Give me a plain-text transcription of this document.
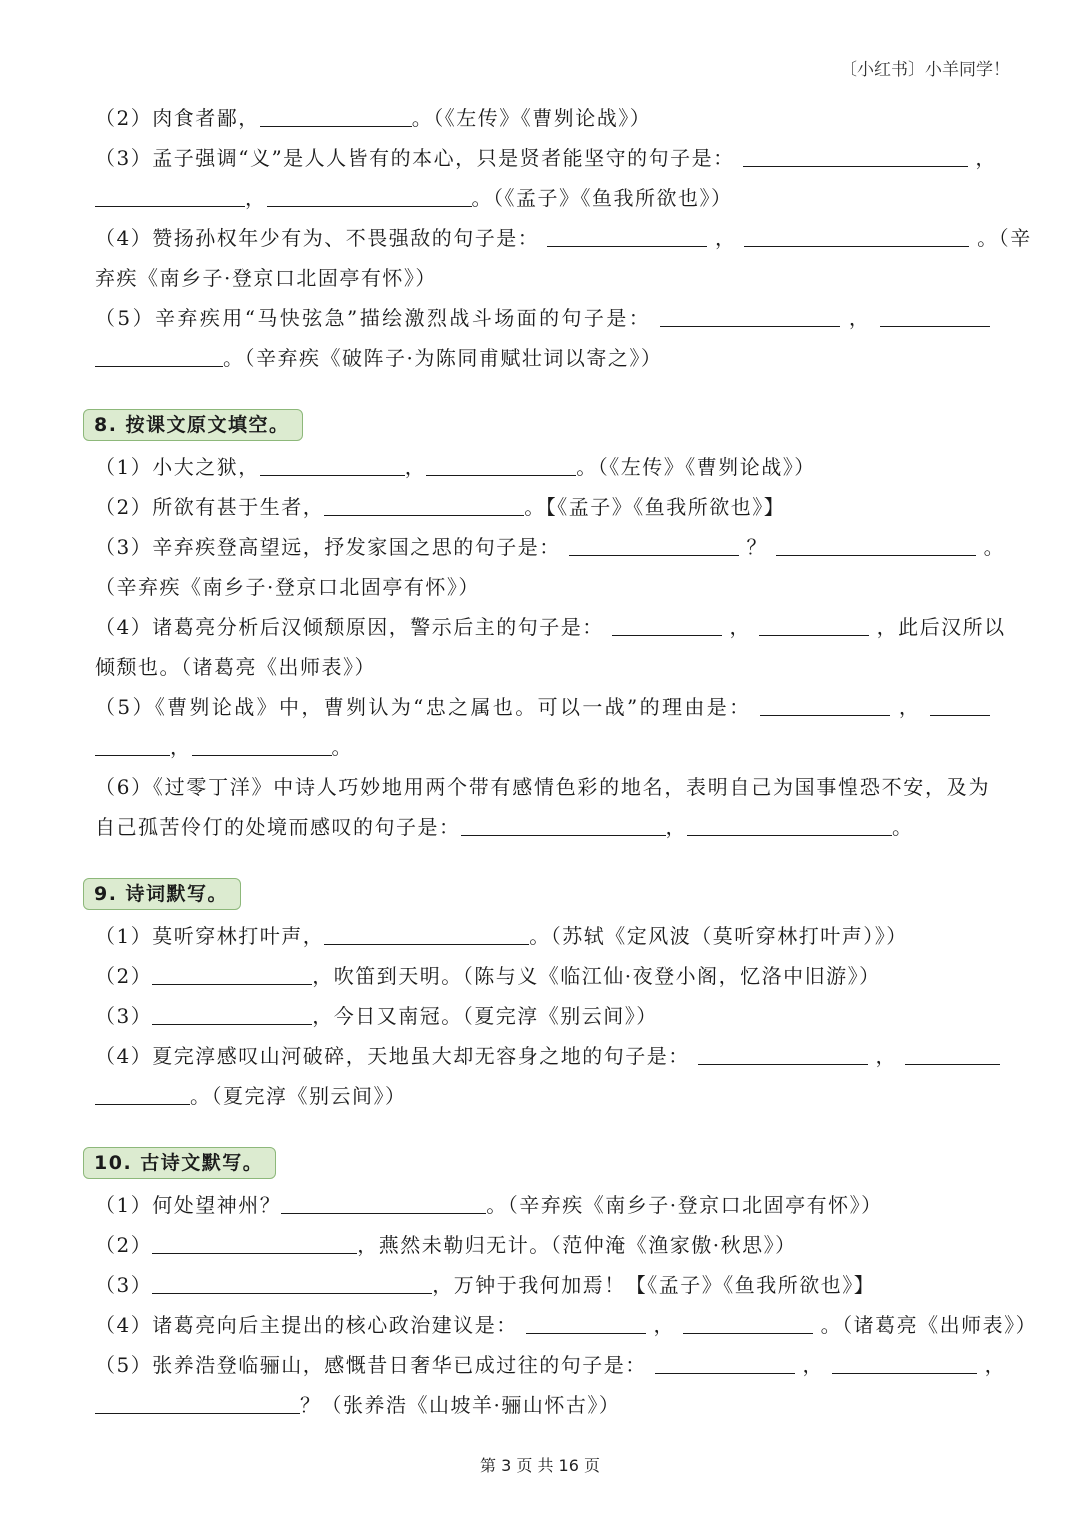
〔小红书〕小羊同学！
（2）肉食者鄙，	。（《左传》《曹刿论战》）
（3）孟子强调“义”是人人皆有的本心，只是贤者能坚守的句子是：	，
，	。（《孟子》《鱼我所欲也》）
（4）赞扬孙权年少有为、不畏强敌的句子是：	，	。（辛
弃疾《南乡子·登京口北固亭有怀》）
（5）辛弃疾用“马快弦急”描绘激烈战斗场面的句子是：	，
。（辛弃疾《破阵子·为陈同甫赋壮词以寄之》）
8. 按课文原文填空。
（1）小大之狱，	，	。（《左传》《曹刿论战》）
（2）所欲有甚于生者，	。【《孟子》《鱼我所欲也》】
（3）辛弃疾登高望远，抒发家国之思的句子是：	？	。
（辛弃疾《南乡子·登京口北固亭有怀》）
（4）诸葛亮分析后汉倾颓原因，警示后主的句子是：	，	，此后汉所以
倾颓也。（诸葛亮《出师表》）
（5）《曹刿论战》中，曹刿认为“忠之属也。可以一战”的理由是：	，
，	。
（6）《过零丁洋》中诗人巧妙地用两个带有感情色彩的地名，表明自己为国事惶恐不安，及为
自己孤苦伶仃的处境而感叹的句子是：	，	。
9. 诗词默写。
（1）莫听穿林打叶声，	。（苏轼《定风波（莫听穿林打叶声）》）
（2）	，吹笛到天明。（陈与义《临江仙·夜登小阁，忆洛中旧游》）
（3）	，今日又南冠。（夏完淳《别云间》）
（4）夏完淳感叹山河破碎，天地虽大却无容身之地的句子是：	，
。（夏完淳《别云间》）
10. 古诗文默写。
（1）何处望神州？	。（辛弃疾《南乡子·登京口北固亭有怀》）
（2）	，燕然未勒归无计。（范仲淹《渔家傲·秋思》）
（3）	，万钟于我何加焉！【《孟子》《鱼我所欲也》】
（4）诸葛亮向后主提出的核心政治建议是：	，	。（诸葛亮《出师表》）
（5）张养浩登临骊山，感慨昔日奢华已成过往的句子是：	，	，
？（张养浩《山坡羊·骊山怀古》）
第 3 页 共 16 页
